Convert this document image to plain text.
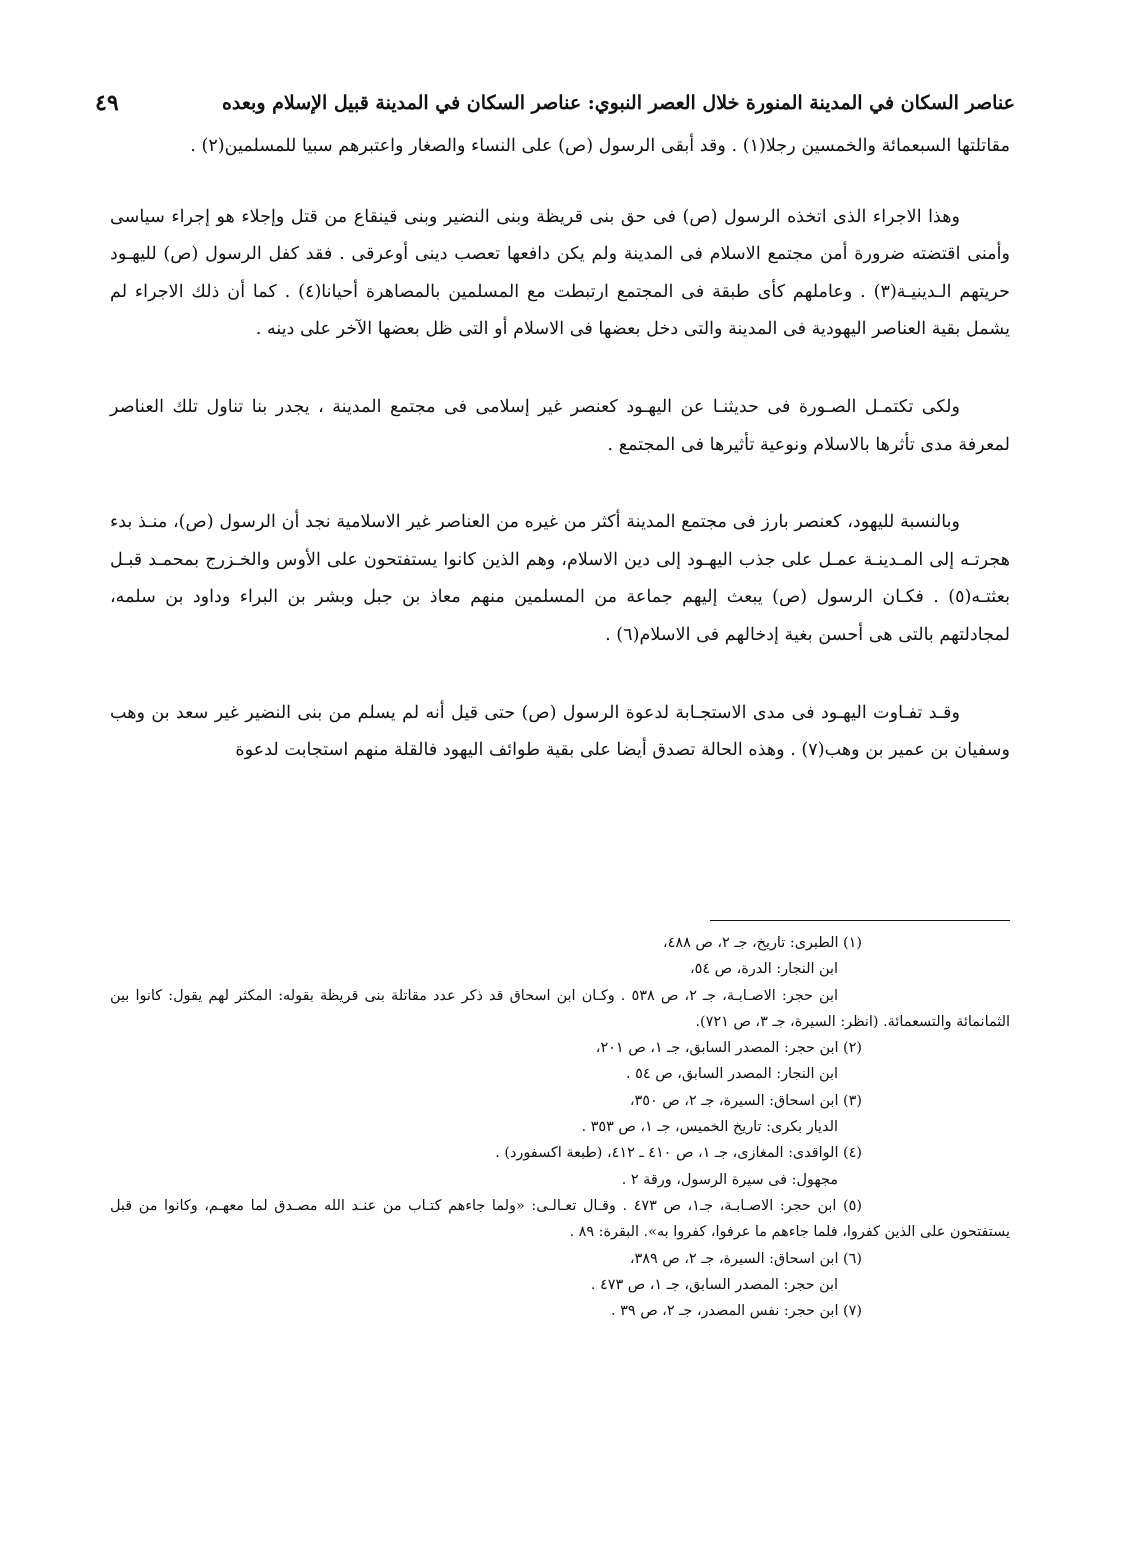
عناصر السكان في المدينة المنورة خلال العصر النبوي: عناصر السكان في المدينة قبيل الإسلام وبعده
٤٩

مقاتلتها السبعمائة والخمسين رجلا(١) . وقد أبقى الرسول (ص) على النساء والصغار واعتبرهم سبيا للمسلمين(٢) .

وهذا الاجراء الذى اتخذه الرسول (ص) فى حق بنى قريظة وبنى النضير وبنى قينقاع من قتل وإجلاء هو إجراء سياسى وأمنى اقتضته ضرورة أمن مجتمع الاسلام فى المدينة ولم يكن دافعها تعصب دينى أوعرقى . فقد كفل الرسول (ص) لليهـود حريتهم الـدينيـة(٣) . وعاملهم كأى طبقة فى المجتمع ارتبطت مع المسلمين بالمصاهرة أحيانا(٤) . كما أن ذلك الاجراء لم يشمل بقية العناصر اليهودية فى المدينة والتى دخل بعضها فى الاسلام أو التى ظل بعضها الآخر على دينه .

ولكى تكتمـل الصـورة فى حديثنـا عن اليهـود كعنصر غير إسلامى فى مجتمع المدينة ، يجدر بنا تناول تلك العناصر لمعرفة مدى تأثرها بالاسلام ونوعية تأثيرها فى المجتمع .

وبالنسبة لليهود، كعنصر بارز فى مجتمع المدينة أكثر من غيره من العناصر غير الاسلامية نجد أن الرسول (ص)، منـذ بدء هجرتـه إلى المـدينـة عمـل على جذب اليهـود إلى دين الاسلام، وهم الذين كانوا يستفتحون على الأوس والخـزرج بمحمـد قبـل بعثتـه(٥) . فكـان الرسول (ص) يبعث إليهم جماعة من المسلمين منهم معاذ بن جبل وبشر بن البراء وداود بن سلمه، لمجادلتهم بالتى هى أحسن بغية إدخالهم فى الاسلام(٦) .

وقـد تفـاوت اليهـود فى مدى الاستجـابة لدعوة الرسول (ص) حتى قيل أنه لم يسلم من بنى النضير غير سعد بن وهب وسفيان بن عمير بن وهب(٧) . وهذه الحالة تصدق أيضا على بقية طوائف اليهود فالقلة منهم استجابت لدعوة

(١) الطبرى: تاريخ، جـ ٢، ص ٤٨٨،

ابن النجار: الدرة، ص ٥٤،

ابن حجر: الاصـابـة، جـ ٢، ص ٥٣٨ . وكـان ابن اسحاق قد ذكر عدد مقاتلة بنى قريظة بقوله: المكثر لهم يقول: كانوا بين الثمانمائة والتسعمائة. (انظر: السيرة، جـ ٣، ص ٧٢١).

(٢) ابن حجر: المصدر السابق، جـ ١، ص ٢٠١،

ابن النجار: المصدر السابق، ص ٥٤ .

(٣) ابن اسحاق: السيرة، جـ ٢، ص ٣٥٠،

الديار بكرى: تاريخ الخميس، جـ ١، ص ٣٥٣ .

(٤) الواقدى: المغازى، جـ ١، ص ٤١٠ ـ ٤١٢، (طبعة اكسفورد) .

مجهول: فى سيرة الرسول، ورقة ٢ .

(٥) ابن حجر: الاصـابـة، جـ١، ص ٤٧٣ . وقـال تعـالـى: «ولما جاءهم كتـاب من عنـد الله مصـدق لما معهـم، وكانوا من قبل يستفتحون على الذين كفروا، فلما جاءهم ما عرفوا، كفروا به». البقرة: ٨٩ .

(٦) ابن اسحاق: السيرة، جـ ٢، ص ٣٨٩،

ابن حجر: المصدر السابق، جـ ١، ص ٤٧٣ .

(٧) ابن حجر: نفس المصدر، جـ ٢، ص ٣٩ .
